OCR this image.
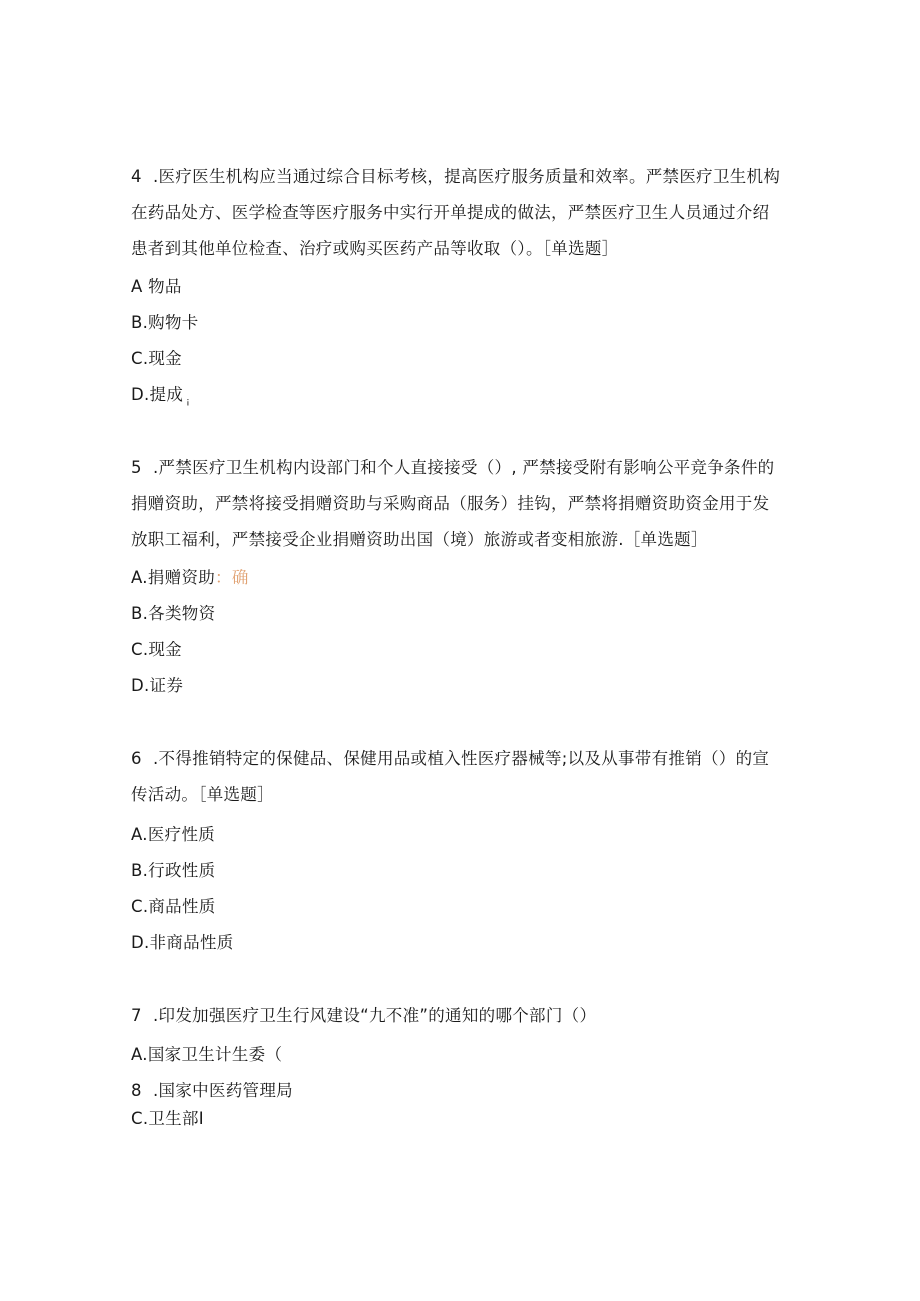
4 .医疗医生机构应当通过综合目标考核，提高医疗服务质量和效率。严禁医疗卫生机构在药品处方、医学检查等医疗服务中实行开单提成的做法，严禁医疗卫生人员通过介绍患者到其他单位检查、治疗或购买医药产品等收取（）。［单选题］
A 物品
B.购物卡
C.现金
D.提成 $_¡$
5 .严禁医疗卫生机构内设部门和个人直接接受（）, 严禁接受附有影响公平竞争条件的捐赠资助，严禁将接受捐赠资助与采购商品（服务）挂钩，严禁将捐赠资助资金用于发放职工福利，严禁接受企业捐赠资助出国（境）旅游或者变相旅游.［单选题］
A.捐赠资助：确
B.各类物资
C.现金
D.证券
6 .不得推销特定的保健品、保健用品或植入性医疗器械等;以及从事带有推销（）的宣传活动。［单选题］
A.医疗性质
B.行政性质
C.商品性质
D.非商品性质
7 .印发加强医疗卫生行风建设“九不准”的通知的哪个部门（）
A.国家卫生计生委（
8 .国家中医药管理局
C.卫生部Ⅰ
